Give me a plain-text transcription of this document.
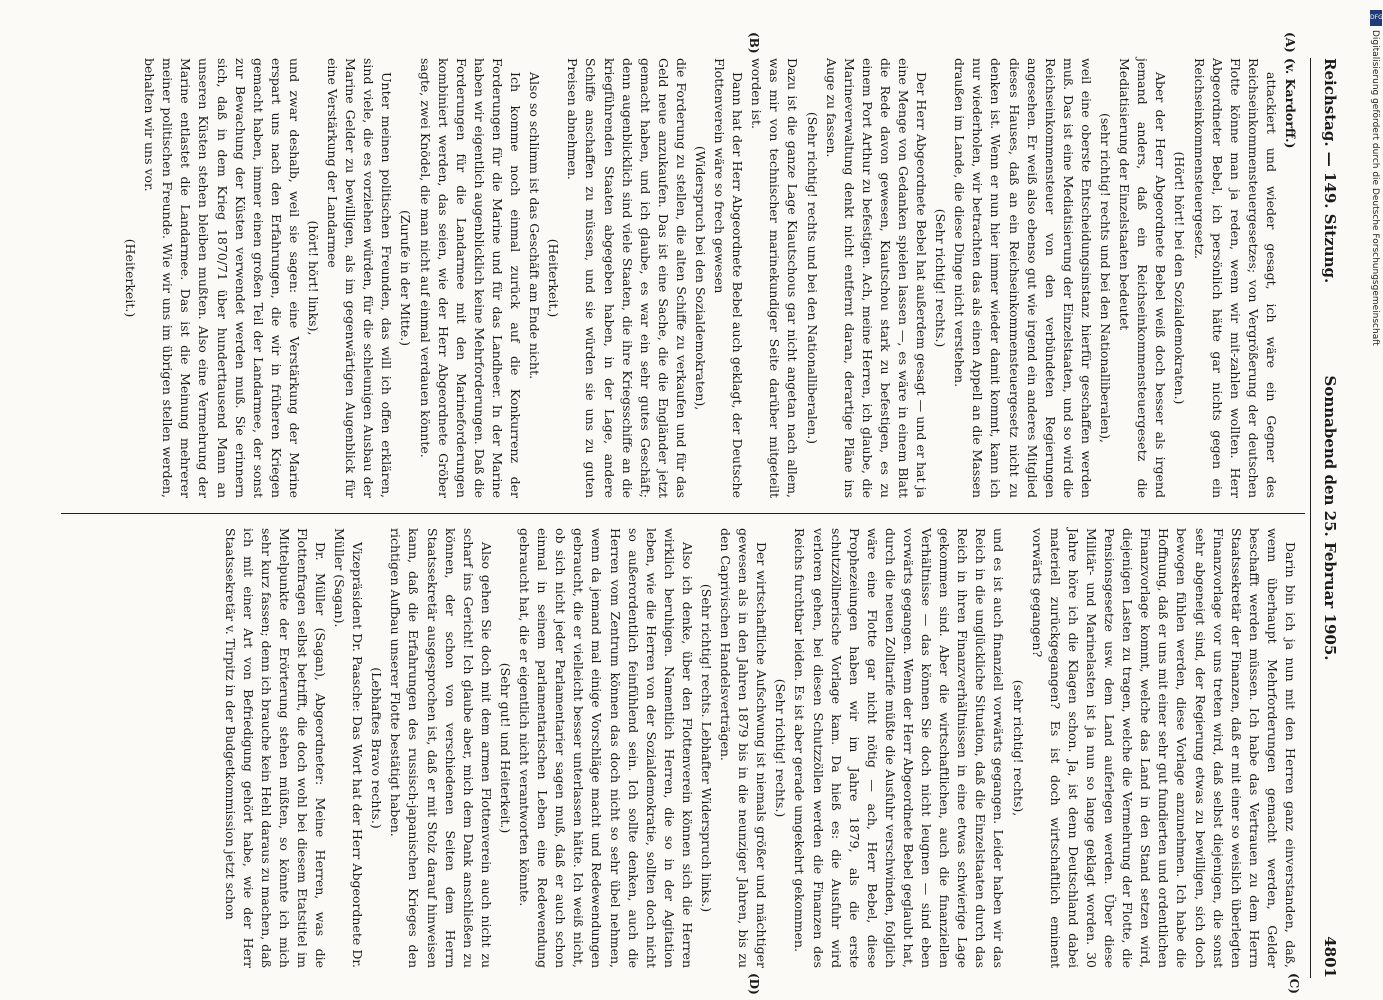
Reichstag. — 149. Sitzung.
Sonnabend den 25. Februar 1905.
4801
(A)
(B)
(C)
(D)

(v. Kardorff.)

attackiert und wieder gesagt, ich wäre ein Gegner des Reichseinkommensteuergesetzes; von Vergrößerung der deutschen Flotte könne man ja reden, wenn wir mit-zahlen wollten. Herr Abgeordneter Bebel, ich persönlich hätte gar nichts gegen ein Reichseinkommensteuergesetz.

(Hört! hört! bei den Sozialdemokraten.)

Aber der Herr Abgeordnete Bebel weiß doch besser als irgend jemand anders, daß ein Reichseinkommensteuergesetz die Mediatisierung der Einzelstaaten bedeutet

(sehr richtig! rechts und bei den Nationalliberalen),

weil eine oberste Entscheidungsinstanz hierfür geschaffen werden muß. Das ist eine Mediatisierung der Einzelstaaten, und so wird die Reichseinkommensteuer von den verbündeten Regierungen angesehen. Er weiß also ebenso gut wie irgend ein anderes Mitglied dieses Hauses, daß an ein Reichseinkommensteuergesetz nicht zu denken ist. Wenn er nun hier immer wieder damit kommt, kann ich nur wiederholen, wir betrachten das als einen Appell an die Massen draußen im Lande, die diese Dinge nicht verstehen.

(Sehr richtig! rechts.)

Der Herr Abgeordnete Bebel hat außerdem gesagt — und er hat ja eine Menge von Gedanken spielen lassen —, es wäre in einem Blatt die Rede davon gewesen, Kiautschou stark zu befestigen, es zu einem Port Arthur zu befestigen. Ach, meine Herren, ich glaube, die Marineverwaltung denkt nicht entfernt daran, derartige Pläne ins Auge zu fassen.

(Sehr richtig! rechts und bei den Nationalliberalen.)

Dazu ist die ganze Lage Kiautschous gar nicht angetan nach allem, was mir von technischer marinekundiger Seite darüber mitgeteilt worden ist.

Dann hat der Herr Abgeordnete Bebel auch geklagt, der Deutsche Flottenverein wäre so frech gewesen

(Widerspruch bei den Sozialdemokraten),

die Forderung zu stellen, die alten Schiffe zu verkaufen und für das Geld neue anzukaufen. Das ist eine Sache, die die Engländer jetzt gemacht haben, und ich glaube, es war ein sehr gutes Geschäft; denn augenblicklich sind viele Staaten, die ihre Kriegsschiffe an die kriegführenden Staaten abgegeben haben, in der Lage, andere Schiffe anschaffen zu müssen, und sie würden sie uns zu guten Preisen abnehmen.

(Heiterkeit.)

Also so schlimm ist das Geschäft am Ende nicht.

Ich komme noch einmal zurück auf die Konkurrenz der Forderungen für die Marine und für das Landheer. In der Marine haben wir eigentlich augenblicklich keine Mehrforderungen. Daß die Forderungen für die Landarmee mit den Marineforderungen kombiniert werden, das seien, wie der Herr Abgeordnete Gröber sagte, zwei Knödel, die man nicht auf einmal verdauen könnte.

(Zurufe in der Mitte.)

Unter meinen politischen Freunden, das will ich offen erklären, sind viele, die es vorziehen würden, für die schleunigen Ausbau der Marine Gelder zu bewilligen, als im gegenwärtigen Augenblick für eine Verstärkung der Landarmee

(hört! hört! links),

und zwar deshalb, weil sie sagen: eine Verstärkung der Marine erspart uns nach den Erfahrungen, die wir in früheren Kriegen gemacht haben, immer einen großen Teil der Landarmee, der sonst zur Bewachung der Küsten verwendet werden muß. Sie erinnern sich, daß in dem Krieg 1870/71 über hunderttausend Mann an unseren Küsten stehen bleiben mußten. Also eine Vermehrung der Marine entlastet die Landarmee. Das ist die Meinung mehrerer meiner politischen Freunde. Wie wir uns im übrigen stellen werden, behalten wir uns vor.

(Heiterkeit.)

Darin bin ich ja nun mit den Herren ganz einverstanden, daß, wenn überhaupt Mehrforderungen gemacht werden, Gelder beschafft werden müssen. Ich habe das Vertrauen zu dem Herrn Staatssekretär der Finanzen, daß er mit einer so weislich überlegten Finanzvorlage vor uns treten wird, daß selbst diejenigen, die sonst sehr abgeneigt sind, der Regierung etwas zu bewilligen, sich doch bewogen fühlen werden, diese Vorlage anzunehmen. Ich habe die Hoffnung, daß er uns mit einer sehr gut fundierten und ordentlichen Finanzvorlage kommt, welche das Land in den Stand setzen wird, diejenigen Lasten zu tragen, welche die Vermehrung der Flotte, die Pensionsgesetze usw. dem Land auferlegen werden. Über diese Militär- und Marinelasten ist ja nun so lange geklagt worden. 30 Jahre höre ich die Klagen schon. Ja, ist denn Deutschland dabei materiell zurückgegangen? Es ist doch wirtschaftlich eminent vorwärts gegangen?

(sehr richtig! rechts),

und es ist auch finanziell vorwärts gegangen. Leider haben wir das Reich in die unglückliche Situation, daß die Einzelstaaten durch das Reich in ihren Finanzverhältnissen in eine etwas schwierige Lage gekommen sind. Aber die wirtschaftlichen, auch die finanziellen Verhältnisse — das können Sie doch nicht leugnen — sind eben vorwärts gegangen. Wenn der Herr Abgeordnete Bebel geglaubt hat, durch die neuen Zolltarife müßte die Ausfuhr verschwinden, folglich wäre eine Flotte gar nicht nötig — ach, Herr Bebel, diese Prophezeiungen haben wir im Jahre 1879, als die erste schutzzöllnerische Vorlage kam. Da hieß es: die Ausfuhr wird verloren gehen, bei diesen Schutzzöllen werden die Finanzen des Reichs furchtbar leiden. Es ist aber gerade umgekehrt gekommen.

(Sehr richtig! rechts.)

Der wirtschaftliche Aufschwung ist niemals größer und mächtiger gewesen als in den Jahren 1879 bis in die neunziger Jahren, bis zu den Caprivischen Handelsverträgen.

(Sehr richtig! rechts. Lebhafter Widerspruch links.)

Also ich denke, über den Flottenverein können sich die Herren wirklich beruhigen. Namentlich Herren, die so in der Agitation leben, wie die Herren von der Sozialdemokratie, sollten doch nicht so außerordentlich feinfühlend sein. Ich sollte denken, auch die Herren vom Zentrum können das doch nicht so sehr übel nehmen, wenn da jemand mal einige Vorschläge macht und Redewendungen gebraucht, die er vielleicht besser unterlassen hätte. Ich weiß nicht, ob sich nicht jeder Parlamentarier sagen muß, daß er auch schon einmal in seinem parlamentarischen Leben eine Redewendung gebraucht hat, die er eigentlich nicht verantworten könnte.

(Sehr gut! und Heiterkeit.)

Also gehen Sie doch mit dem armen Flottenverein auch nicht zu scharf ins Gericht! Ich glaube aber, mich dem Dank anschließen zu können, der schon von verschiedenen Seiten dem Herrn Staatssekretär ausgesprochen ist, daß er mit Stolz darauf hinweisen kann, daß die Erfahrungen des russisch-japanischen Krieges den richtigen Aufbau unserer Flotte bestätigt haben.

(Lebhaftes Bravo rechts.)

Vizepräsident Dr. Paasche: Das Wort hat der Herr Abgeordnete Dr. Müller (Sagan).

Dr. Müller (Sagan), Abgeordneter: Meine Herren, was die Flottenfragen selbst betrifft, die doch wohl bei diesem Etatstitel im Mittelpunkte der Erörterung stehen müßten, so könnte ich mich sehr kurz fassen; denn ich brauche kein Hehl daraus zu machen, daß ich mit einer Art von Befriedigung gehört habe, wie der Herr Staatssekretär v. Tirpitz in der Budgetkommission jetzt schon

DFG
Digitalisierung gefördert durch die Deutsche Forschungsgemeinschaft
